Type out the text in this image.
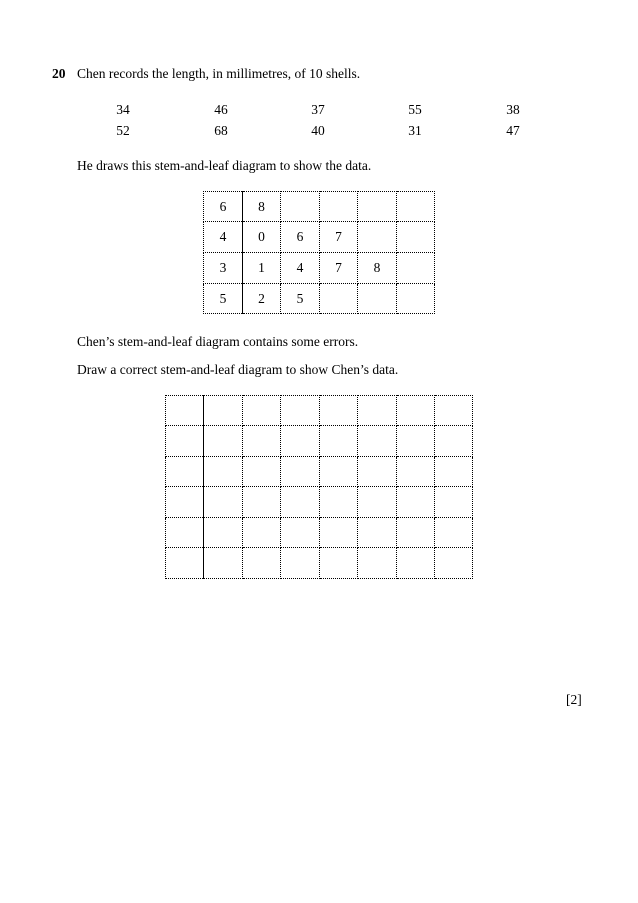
20 Chen records the length, in millimetres, of 10 shells.
34	46	37	55	38
52	68	40	31	47
He draws this stem-and-leaf diagram to show the data.
6	8				
4	0	6	7		
3	1	4	7	8	
5	2	5			
Chen’s stem-and-leaf diagram contains some errors.
Draw a correct stem-and-leaf diagram to show Chen’s data.

[2]
